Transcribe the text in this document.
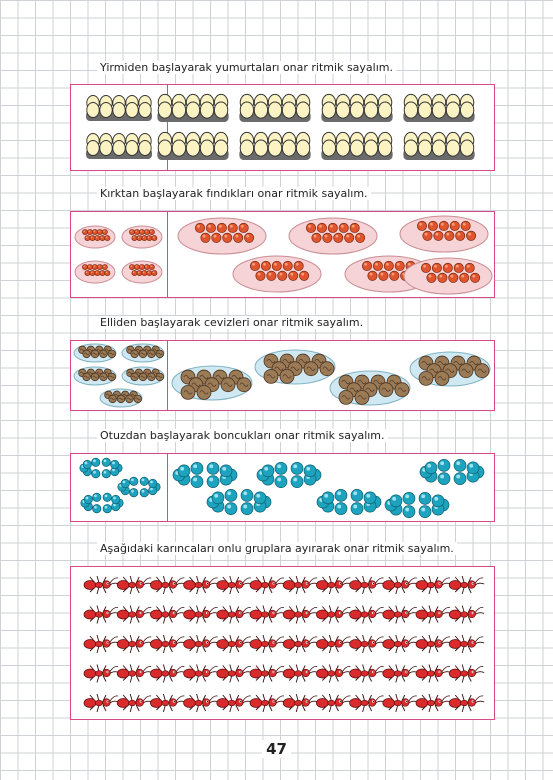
Yirmiden başlayarak yumurtaları onar ritmik sayalım.
Kırktan başlayarak fındıkları onar ritmik sayalım.
Elliden başlayarak cevizleri onar ritmik sayalım.
Otuzdan başlayarak boncukları onar ritmik sayalım.
Aşağıdaki karıncaları onlu gruplara ayırarak onar ritmik sayalım.
47
